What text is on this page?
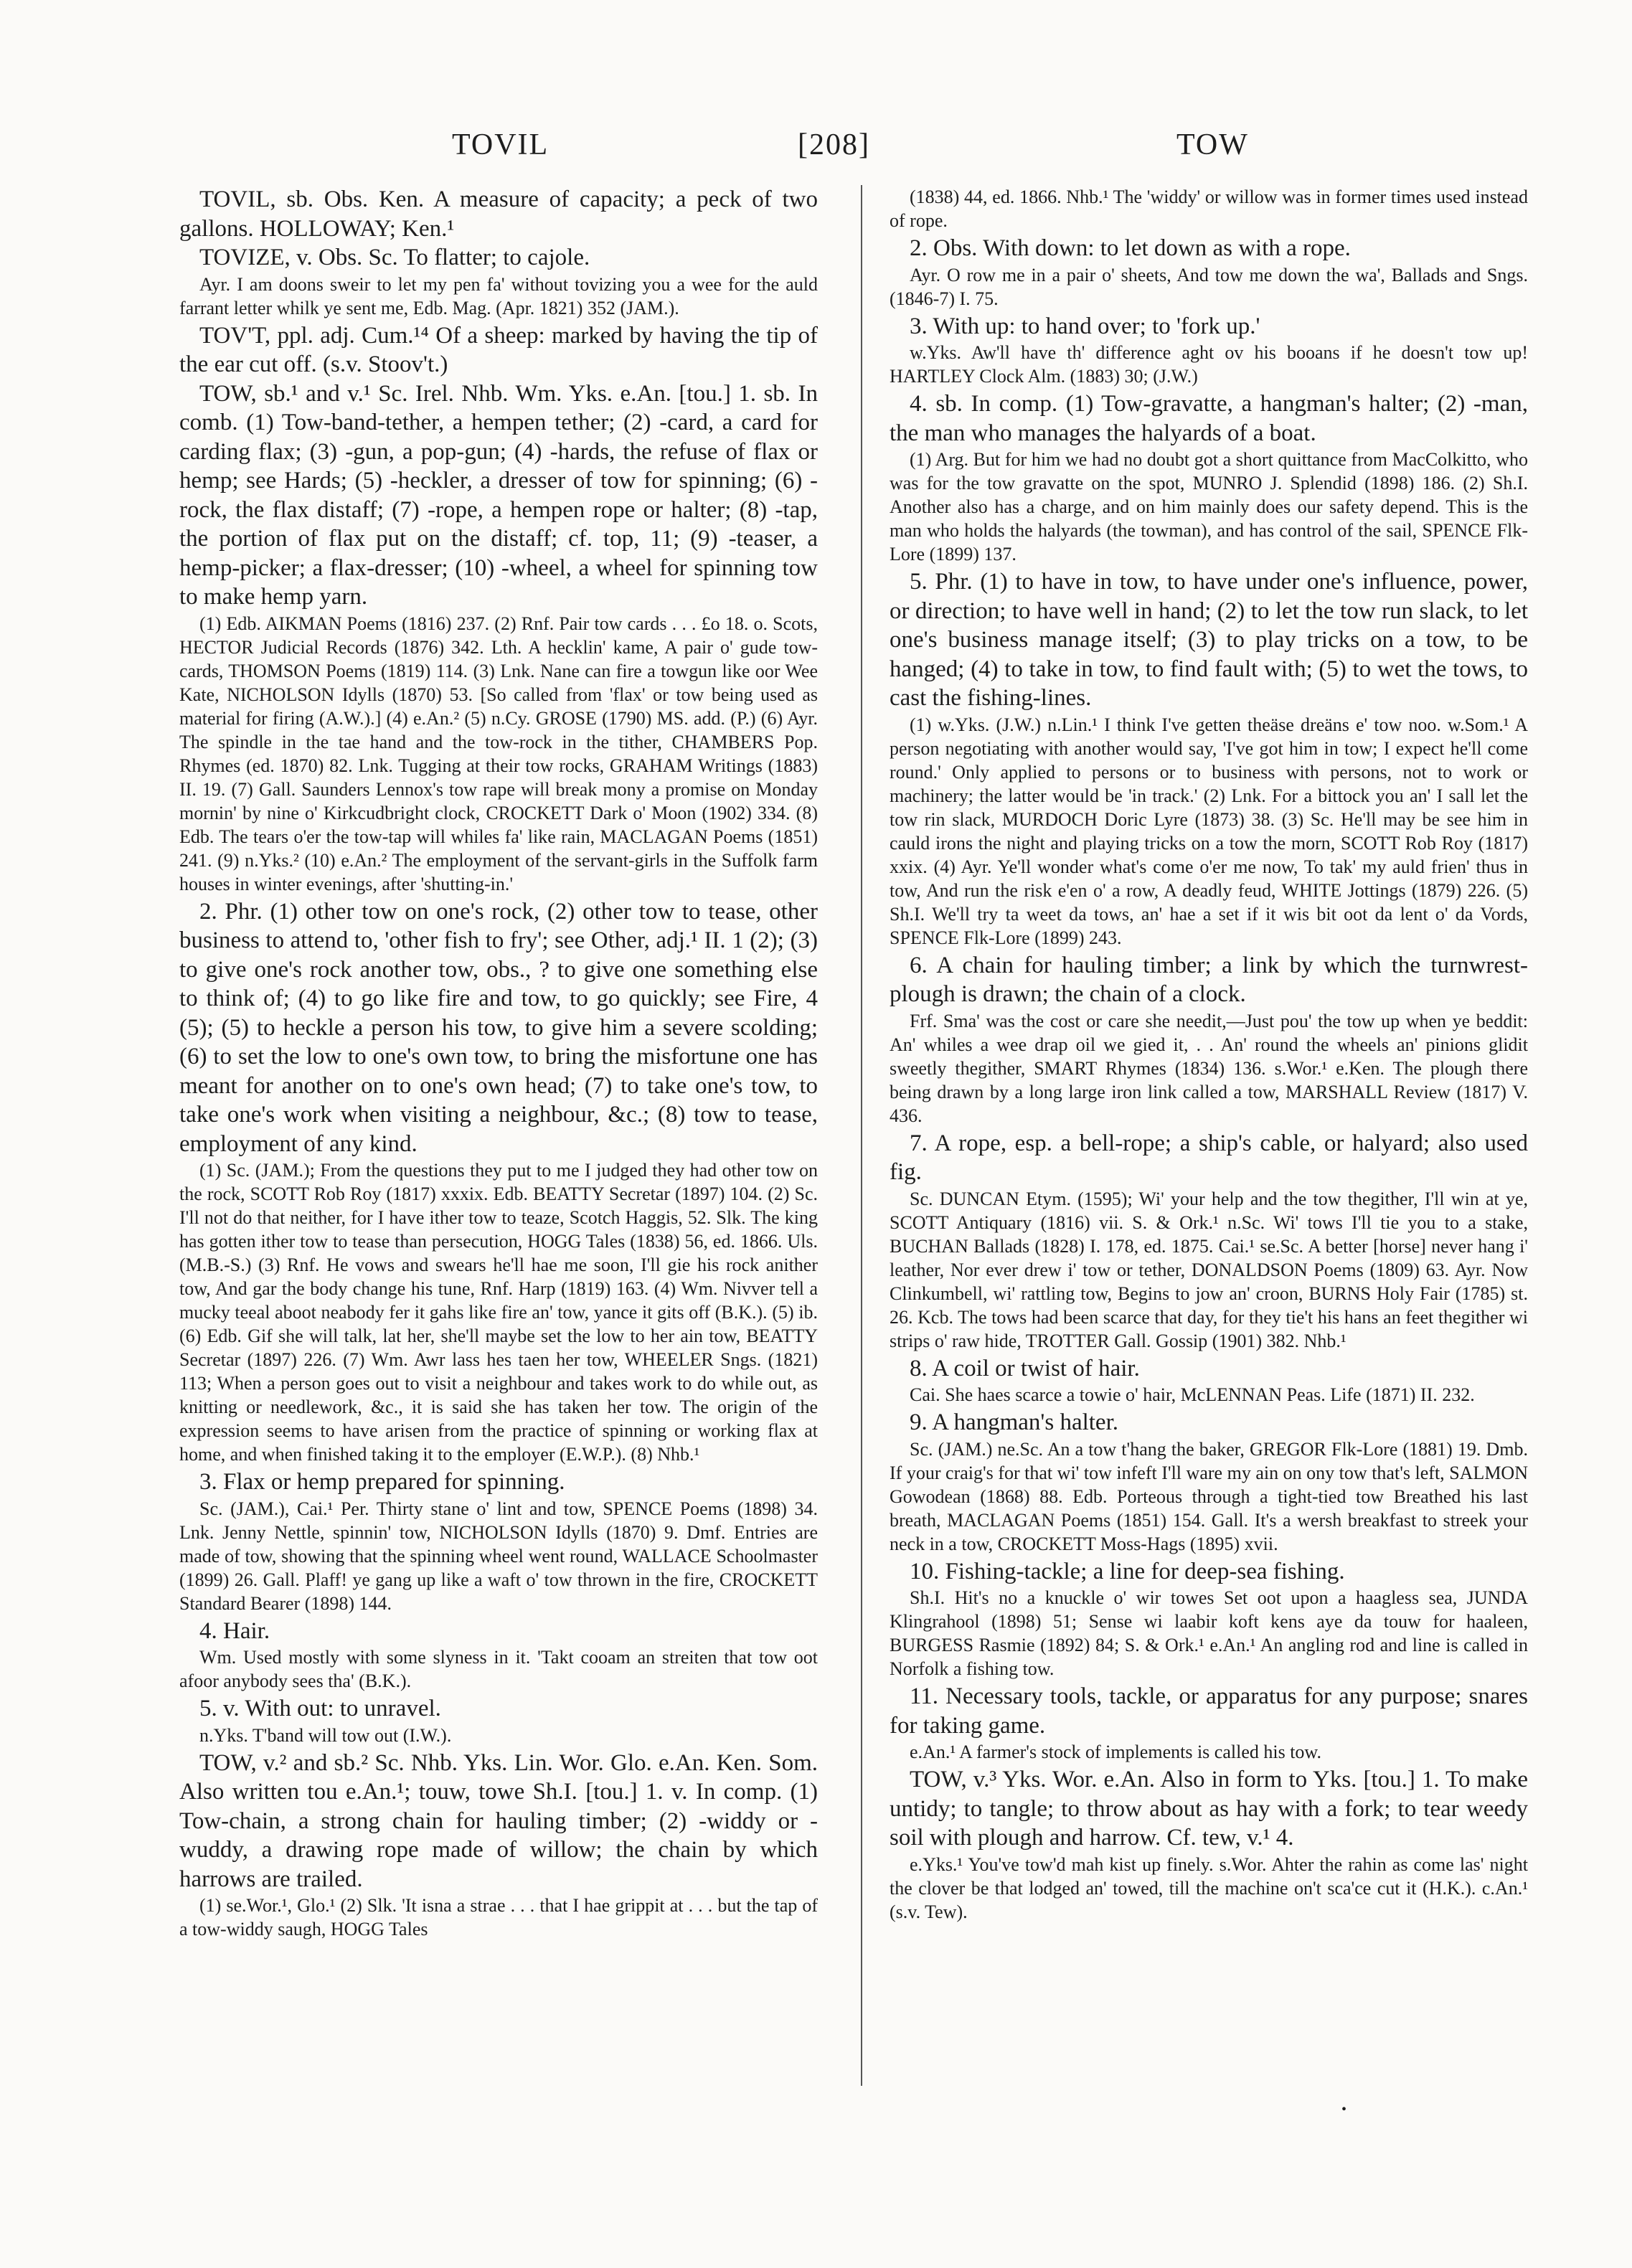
TOVIL	[208]	TOW

TOVIL, sb. Obs. Ken. A measure of capacity; a peck of two gallons. HOLLOWAY; Ken.¹

TOVIZE, v. Obs. Sc. To flatter; to cajole.

Ayr. I am doons sweir to let my pen fa' without tovizing you a wee for the auld farrant letter whilk ye sent me, Edb. Mag. (Apr. 1821) 352 (JAM.).

TOV'T, ppl. adj. Cum.¹⁴ Of a sheep: marked by having the tip of the ear cut off. (s.v. Stoov't.)

TOW, sb.¹ and v.¹ Sc. Irel. Nhb. Wm. Yks. e.An. [tou.] 1. sb. In comb. (1) Tow-band-tether, a hempen tether; (2) -card, a card for carding flax; (3) -gun, a pop-gun; (4) -hards, the refuse of flax or hemp; see Hards; (5) -heckler, a dresser of tow for spinning; (6) -rock, the flax distaff; (7) -rope, a hempen rope or halter; (8) -tap, the portion of flax put on the distaff; cf. top, 11; (9) -teaser, a hemp-picker; a flax-dresser; (10) -wheel, a wheel for spinning tow to make hemp yarn.

(1) Edb. AIKMAN Poems (1816) 237. (2) Rnf. Pair tow cards . . . £o 18. o. Scots, HECTOR Judicial Records (1876) 342. Lth. A hecklin' kame, A pair o' gude tow-cards, THOMSON Poems (1819) 114. (3) Lnk. Nane can fire a towgun like oor Wee Kate, NICHOLSON Idylls (1870) 53. [So called from 'flax' or tow being used as material for firing (A.W.).] (4) e.An.² (5) n.Cy. GROSE (1790) MS. add. (P.) (6) Ayr. The spindle in the tae hand and the tow-rock in the tither, CHAMBERS Pop. Rhymes (ed. 1870) 82. Lnk. Tugging at their tow rocks, GRAHAM Writings (1883) II. 19. (7) Gall. Saunders Lennox's tow rape will break mony a promise on Monday mornin' by nine o' Kirkcudbright clock, CROCKETT Dark o' Moon (1902) 334. (8) Edb. The tears o'er the tow-tap will whiles fa' like rain, MACLAGAN Poems (1851) 241. (9) n.Yks.² (10) e.An.² The employment of the servant-girls in the Suffolk farm houses in winter evenings, after 'shutting-in.'

2. Phr. (1) other tow on one's rock, (2) other tow to tease, other business to attend to, 'other fish to fry'; see Other, adj.¹ II. 1 (2); (3) to give one's rock another tow, obs., ? to give one something else to think of; (4) to go like fire and tow, to go quickly; see Fire, 4 (5); (5) to heckle a person his tow, to give him a severe scolding; (6) to set the low to one's own tow, to bring the misfortune one has meant for another on to one's own head; (7) to take one's tow, to take one's work when visiting a neighbour, &c.; (8) tow to tease, employment of any kind.

(1) Sc. (JAM.); From the questions they put to me I judged they had other tow on the rock, SCOTT Rob Roy (1817) xxxix. Edb. BEATTY Secretar (1897) 104. (2) Sc. I'll not do that neither, for I have ither tow to teaze, Scotch Haggis, 52. Slk. The king has gotten ither tow to tease than persecution, HOGG Tales (1838) 56, ed. 1866. Uls. (M.B.-S.) (3) Rnf. He vows and swears he'll hae me soon, I'll gie his rock anither tow, And gar the body change his tune, Rnf. Harp (1819) 163. (4) Wm. Nivver tell a mucky teeal aboot neabody fer it gahs like fire an' tow, yance it gits off (B.K.). (5) ib. (6) Edb. Gif she will talk, lat her, she'll maybe set the low to her ain tow, BEATTY Secretar (1897) 226. (7) Wm. Awr lass hes taen her tow, WHEELER Sngs. (1821) 113; When a person goes out to visit a neighbour and takes work to do while out, as knitting or needlework, &c., it is said she has taken her tow. The origin of the expression seems to have arisen from the practice of spinning or working flax at home, and when finished taking it to the employer (E.W.P.). (8) Nhb.¹

3. Flax or hemp prepared for spinning.

Sc. (JAM.), Cai.¹ Per. Thirty stane o' lint and tow, SPENCE Poems (1898) 34. Lnk. Jenny Nettle, spinnin' tow, NICHOLSON Idylls (1870) 9. Dmf. Entries are made of tow, showing that the spinning wheel went round, WALLACE Schoolmaster (1899) 26. Gall. Plaff! ye gang up like a waft o' tow thrown in the fire, CROCKETT Standard Bearer (1898) 144.

4. Hair.

Wm. Used mostly with some slyness in it. 'Takt cooam an streiten that tow oot afoor anybody sees tha' (B.K.).

5. v. With out: to unravel.

n.Yks. T'band will tow out (I.W.).

TOW, v.² and sb.² Sc. Nhb. Yks. Lin. Wor. Glo. e.An. Ken. Som. Also written tou e.An.¹; touw, towe Sh.I. [tou.] 1. v. In comp. (1) Tow-chain, a strong chain for hauling timber; (2) -widdy or -wuddy, a drawing rope made of willow; the chain by which harrows are trailed.

(1) se.Wor.¹, Glo.¹ (2) Slk. 'It isna a strae . . . that I hae grippit at . . . but the tap of a tow-widdy saugh, HOGG Tales

(1838) 44, ed. 1866. Nhb.¹ The 'widdy' or willow was in former times used instead of rope.

2. Obs. With down: to let down as with a rope.

Ayr. O row me in a pair o' sheets, And tow me down the wa', Ballads and Sngs. (1846-7) I. 75.

3. With up: to hand over; to 'fork up.'

w.Yks. Aw'll have th' difference aght ov his booans if he doesn't tow up! HARTLEY Clock Alm. (1883) 30; (J.W.)

4. sb. In comp. (1) Tow-gravatte, a hangman's halter; (2) -man, the man who manages the halyards of a boat.

(1) Arg. But for him we had no doubt got a short quittance from MacColkitto, who was for the tow gravatte on the spot, MUNRO J. Splendid (1898) 186. (2) Sh.I. Another also has a charge, and on him mainly does our safety depend. This is the man who holds the halyards (the towman), and has control of the sail, SPENCE Flk-Lore (1899) 137.

5. Phr. (1) to have in tow, to have under one's influence, power, or direction; to have well in hand; (2) to let the tow run slack, to let one's business manage itself; (3) to play tricks on a tow, to be hanged; (4) to take in tow, to find fault with; (5) to wet the tows, to cast the fishing-lines.

(1) w.Yks. (J.W.) n.Lin.¹ I think I've getten theäse dreäns e' tow noo. w.Som.¹ A person negotiating with another would say, 'I've got him in tow; I expect he'll come round.' Only applied to persons or to business with persons, not to work or machinery; the latter would be 'in track.' (2) Lnk. For a bittock you an' I sall let the tow rin slack, MURDOCH Doric Lyre (1873) 38. (3) Sc. He'll may be see him in cauld irons the night and playing tricks on a tow the morn, SCOTT Rob Roy (1817) xxix. (4) Ayr. Ye'll wonder what's come o'er me now, To tak' my auld frien' thus in tow, And run the risk e'en o' a row, A deadly feud, WHITE Jottings (1879) 226. (5) Sh.I. We'll try ta weet da tows, an' hae a set if it wis bit oot da lent o' da Vords, SPENCE Flk-Lore (1899) 243.

6. A chain for hauling timber; a link by which the turnwrest-plough is drawn; the chain of a clock.

Frf. Sma' was the cost or care she needit,—Just pou' the tow up when ye beddit: An' whiles a wee drap oil we gied it, . . An' round the wheels an' pinions glidit sweetly thegither, SMART Rhymes (1834) 136. s.Wor.¹ e.Ken. The plough there being drawn by a long large iron link called a tow, MARSHALL Review (1817) V. 436.

7. A rope, esp. a bell-rope; a ship's cable, or halyard; also used fig.

Sc. DUNCAN Etym. (1595); Wi' your help and the tow thegither, I'll win at ye, SCOTT Antiquary (1816) vii. S. & Ork.¹ n.Sc. Wi' tows I'll tie you to a stake, BUCHAN Ballads (1828) I. 178, ed. 1875. Cai.¹ se.Sc. A better [horse] never hang i' leather, Nor ever drew i' tow or tether, DONALDSON Poems (1809) 63. Ayr. Now Clinkumbell, wi' rattling tow, Begins to jow an' croon, BURNS Holy Fair (1785) st. 26. Kcb. The tows had been scarce that day, for they tie't his hans an feet thegither wi strips o' raw hide, TROTTER Gall. Gossip (1901) 382. Nhb.¹

8. A coil or twist of hair.

Cai. She haes scarce a towie o' hair, McLENNAN Peas. Life (1871) II. 232.

9. A hangman's halter.

Sc. (JAM.) ne.Sc. An a tow t'hang the baker, GREGOR Flk-Lore (1881) 19. Dmb. If your craig's for that wi' tow infeft I'll ware my ain on ony tow that's left, SALMON Gowodean (1868) 88. Edb. Porteous through a tight-tied tow Breathed his last breath, MACLAGAN Poems (1851) 154. Gall. It's a wersh breakfast to streek your neck in a tow, CROCKETT Moss-Hags (1895) xvii.

10. Fishing-tackle; a line for deep-sea fishing.

Sh.I. Hit's no a knuckle o' wir towes Set oot upon a haagless sea, JUNDA Klingrahool (1898) 51; Sense wi laabir koft kens aye da touw for haaleen, BURGESS Rasmie (1892) 84; S. & Ork.¹ e.An.¹ An angling rod and line is called in Norfolk a fishing tow.

11. Necessary tools, tackle, or apparatus for any purpose; snares for taking game.

e.An.¹ A farmer's stock of implements is called his tow.

TOW, v.³ Yks. Wor. e.An. Also in form to Yks. [tou.] 1. To make untidy; to tangle; to throw about as hay with a fork; to tear weedy soil with plough and harrow. Cf. tew, v.¹ 4.

e.Yks.¹ You've tow'd mah kist up finely. s.Wor. Ahter the rahin as come las' night the clover be that lodged an' towed, till the machine on't sca'ce cut it (H.K.). c.An.¹ (s.v. Tew).

•
